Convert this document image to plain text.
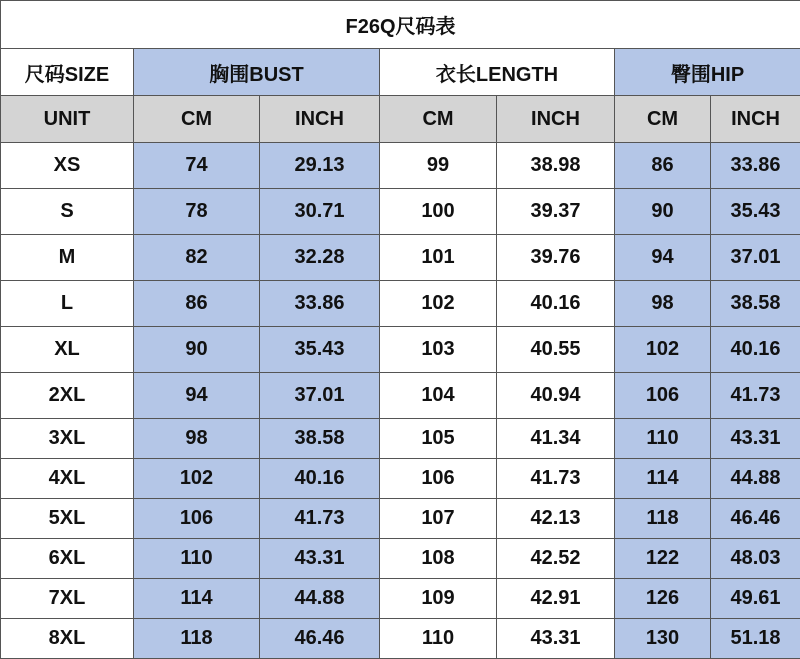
F26Q尺码表						
尺码SIZE	胸围BUST		衣长LENGTH		臀围HIP	
UNIT	CM	INCH	CM	INCH	CM	INCH
XS	74	29.13	99	38.98	86	33.86
S	78	30.71	100	39.37	90	35.43
M	82	32.28	101	39.76	94	37.01
L	86	33.86	102	40.16	98	38.58
XL	90	35.43	103	40.55	102	40.16
2XL	94	37.01	104	40.94	106	41.73
3XL	98	38.58	105	41.34	110	43.31
4XL	102	40.16	106	41.73	114	44.88
5XL	106	41.73	107	42.13	118	46.46
6XL	110	43.31	108	42.52	122	48.03
7XL	114	44.88	109	42.91	126	49.61
8XL	118	46.46	110	43.31	130	51.18
